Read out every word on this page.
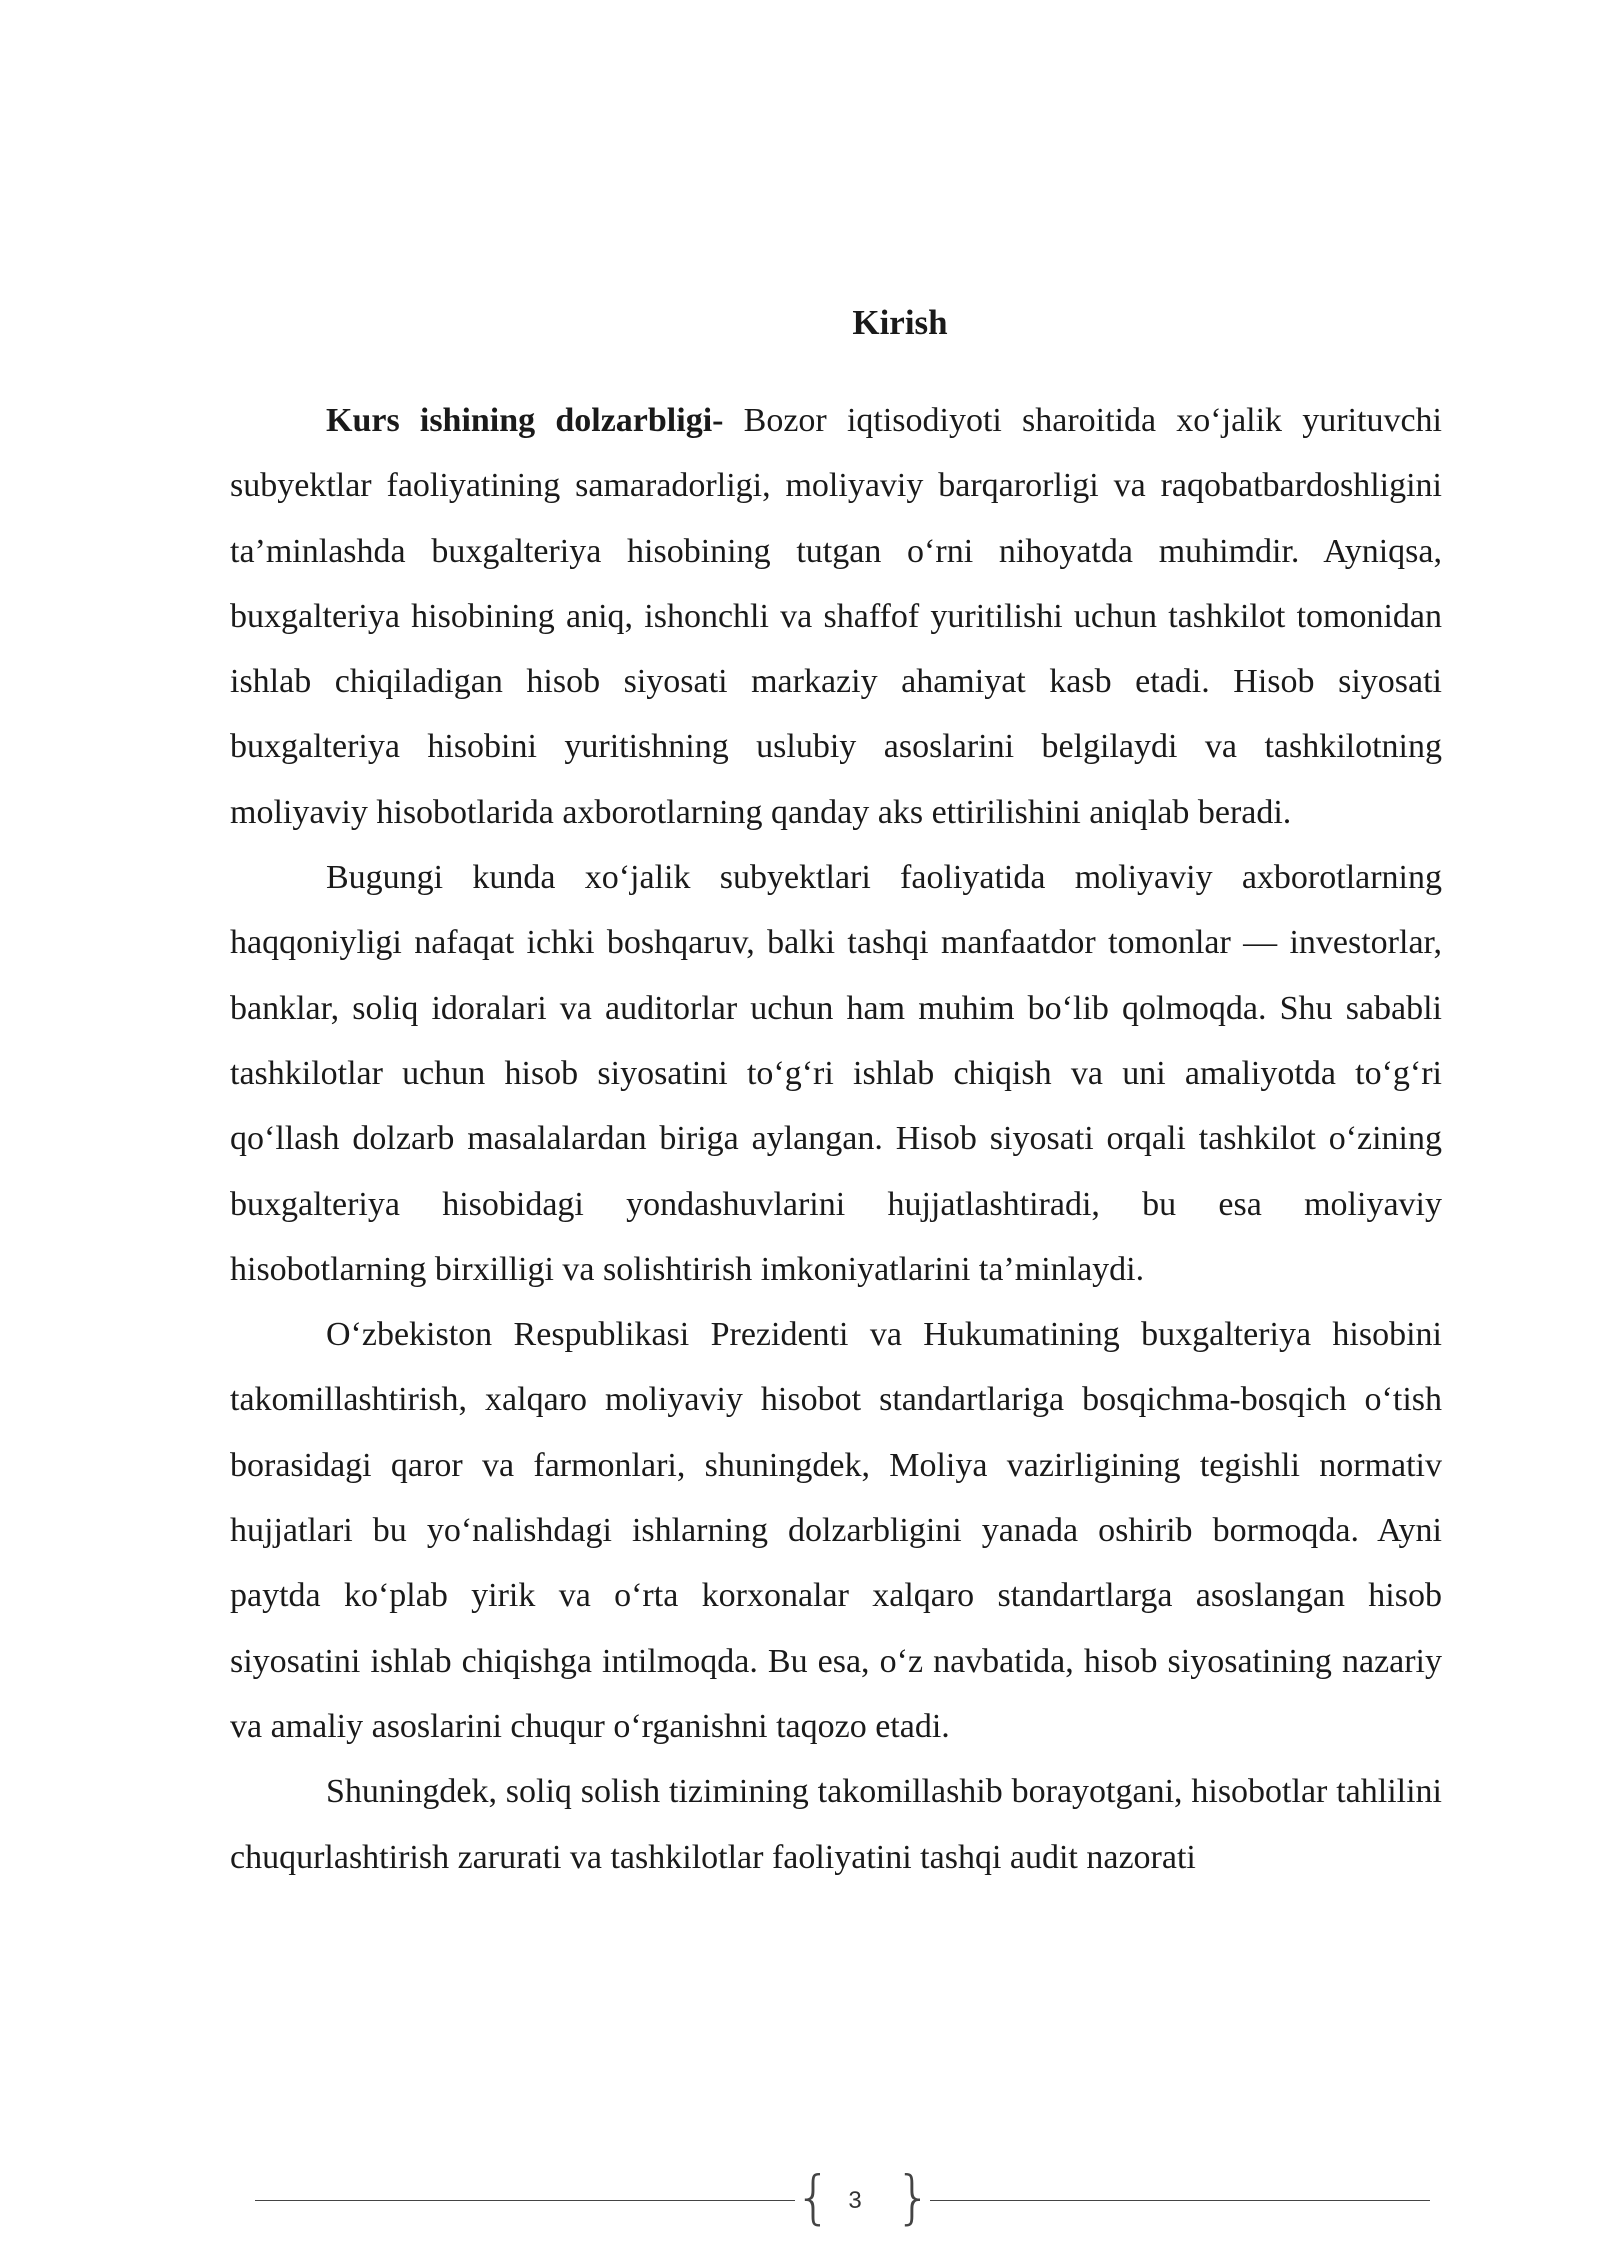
Kirish

Kurs ishining dolzarbligi- Bozor iqtisodiyoti sharoitida xo‘jalik yurituvchi subyektlar faoliyatining samaradorligi, moliyaviy barqarorligi va raqobatbardoshligini ta’minlashda buxgalteriya hisobining tutgan o‘rni nihoyatda muhimdir. Ayniqsa, buxgalteriya hisobining aniq, ishonchli va shaffof yuritilishi uchun tashkilot tomonidan ishlab chiqiladigan hisob siyosati markaziy ahamiyat kasb etadi. Hisob siyosati buxgalteriya hisobini yuritishning uslubiy asoslarini belgilaydi va tashkilotning moliyaviy hisobotlarida axborotlarning qanday aks ettirilishini aniqlab beradi.

Bugungi kunda xo‘jalik subyektlari faoliyatida moliyaviy axborotlarning haqqoniyligi nafaqat ichki boshqaruv, balki tashqi manfaatdor tomonlar — investorlar, banklar, soliq idoralari va auditorlar uchun ham muhim bo‘lib qolmoqda. Shu sababli tashkilotlar uchun hisob siyosatini to‘g‘ri ishlab chiqish va uni amaliyotda to‘g‘ri qo‘llash dolzarb masalalardan biriga aylangan. Hisob siyosati orqali tashkilot o‘zining buxgalteriya hisobidagi yondashuvlarini hujjatlashtiradi, bu esa moliyaviy hisobotlarning birxilligi va solishtirish imkoniyatlarini ta’minlaydi.

O‘zbekiston Respublikasi Prezidenti va Hukumatining buxgalteriya hisobini takomillashtirish, xalqaro moliyaviy hisobot standartlariga bosqichma-bosqich o‘tish borasidagi qaror va farmonlari, shuningdek, Moliya vazirligining tegishli normativ hujjatlari bu yo‘nalishdagi ishlarning dolzarbligini yanada oshirib bormoqda. Ayni paytda ko‘plab yirik va o‘rta korxonalar xalqaro standartlarga asoslangan hisob siyosatini ishlab chiqishga intilmoqda. Bu esa, o‘z navbatida, hisob siyosatining nazariy va amaliy asoslarini chuqur o‘rganishni taqozo etadi.

Shuningdek, soliq solish tizimining takomillashib borayotgani, hisobotlar tahlilini chuqurlashtirish zarurati va tashkilotlar faoliyatini tashqi audit nazorati

{ 3 }
